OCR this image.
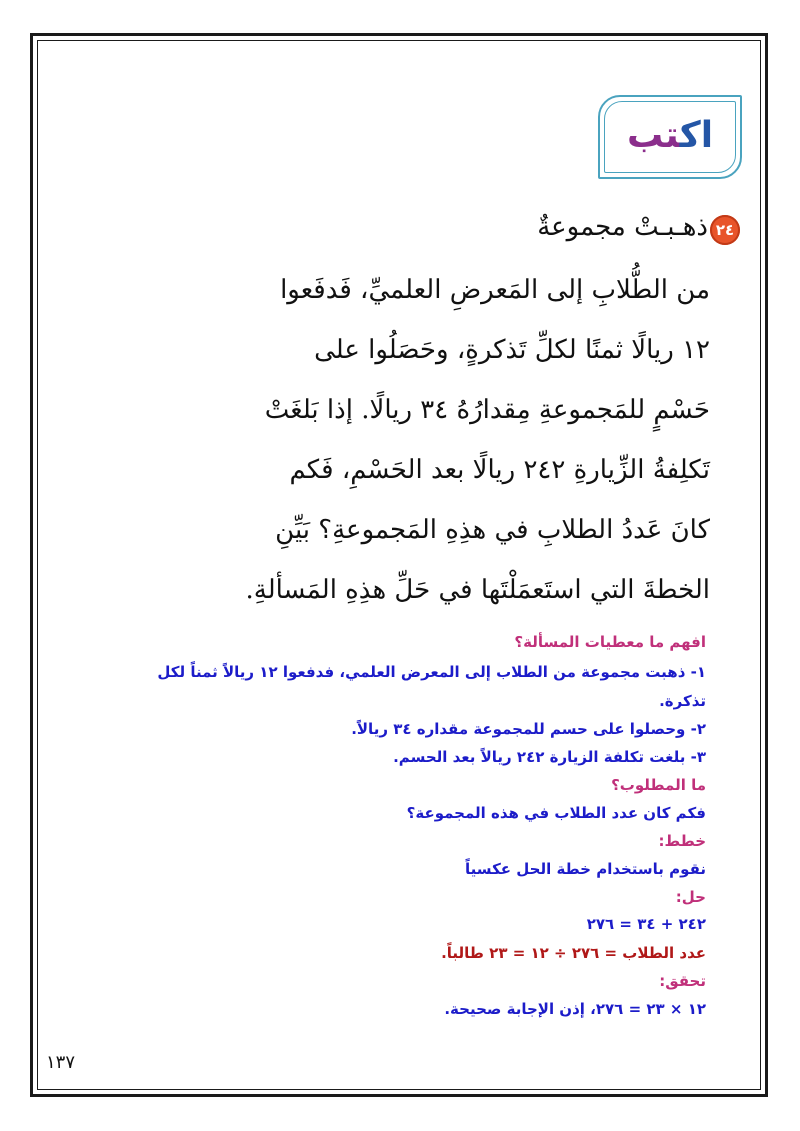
اكتب
٢٤
ذهـبـتْ مجموعةٌ
من الطُّلابِ إلى المَعرضِ العلميِّ، فَدفَعوا
١٢ ريالًا ثمنًا لكلِّ تَذكرةٍ، وحَصَلُوا على
حَسْمٍ للمَجموعةِ مِقدارُهُ ٣٤ ريالًا. إذا بَلغَتْ
تَكلِفةُ الزِّيارةِ ٢٤٢ ريالًا بعد الحَسْمِ، فَكم
كانَ عَددُ الطلابِ في هذِهِ المَجموعةِ؟ بَيِّنِ
الخطةَ التي استَعمَلْتَها في حَلِّ هذِهِ المَسألةِ.
افهم ما معطيات المسألة؟
١- ذهبت مجموعة من الطلاب إلى المعرض العلمي، فدفعوا ١٢ ريالاً ثمناً لكل
تذكرة.
٢- وحصلوا على حسم للمجموعة مقداره ٣٤ ريالاً.
٣- بلغت تكلفة الزيارة ٢٤٢ ريالاً بعد الحسم.
ما المطلوب؟
فكم كان عدد الطلاب في هذه المجموعة؟
خطط:
نقوم باستخدام خطة الحل عكسياً
حل:
٢٤٢ + ٣٤ = ٢٧٦
عدد الطلاب = ٢٧٦ ÷ ١٢ = ٢٣ طالباً.
تحقق:
١٢ × ٢٣ = ٢٧٦، إذن الإجابة صحيحة.
١٣٧
